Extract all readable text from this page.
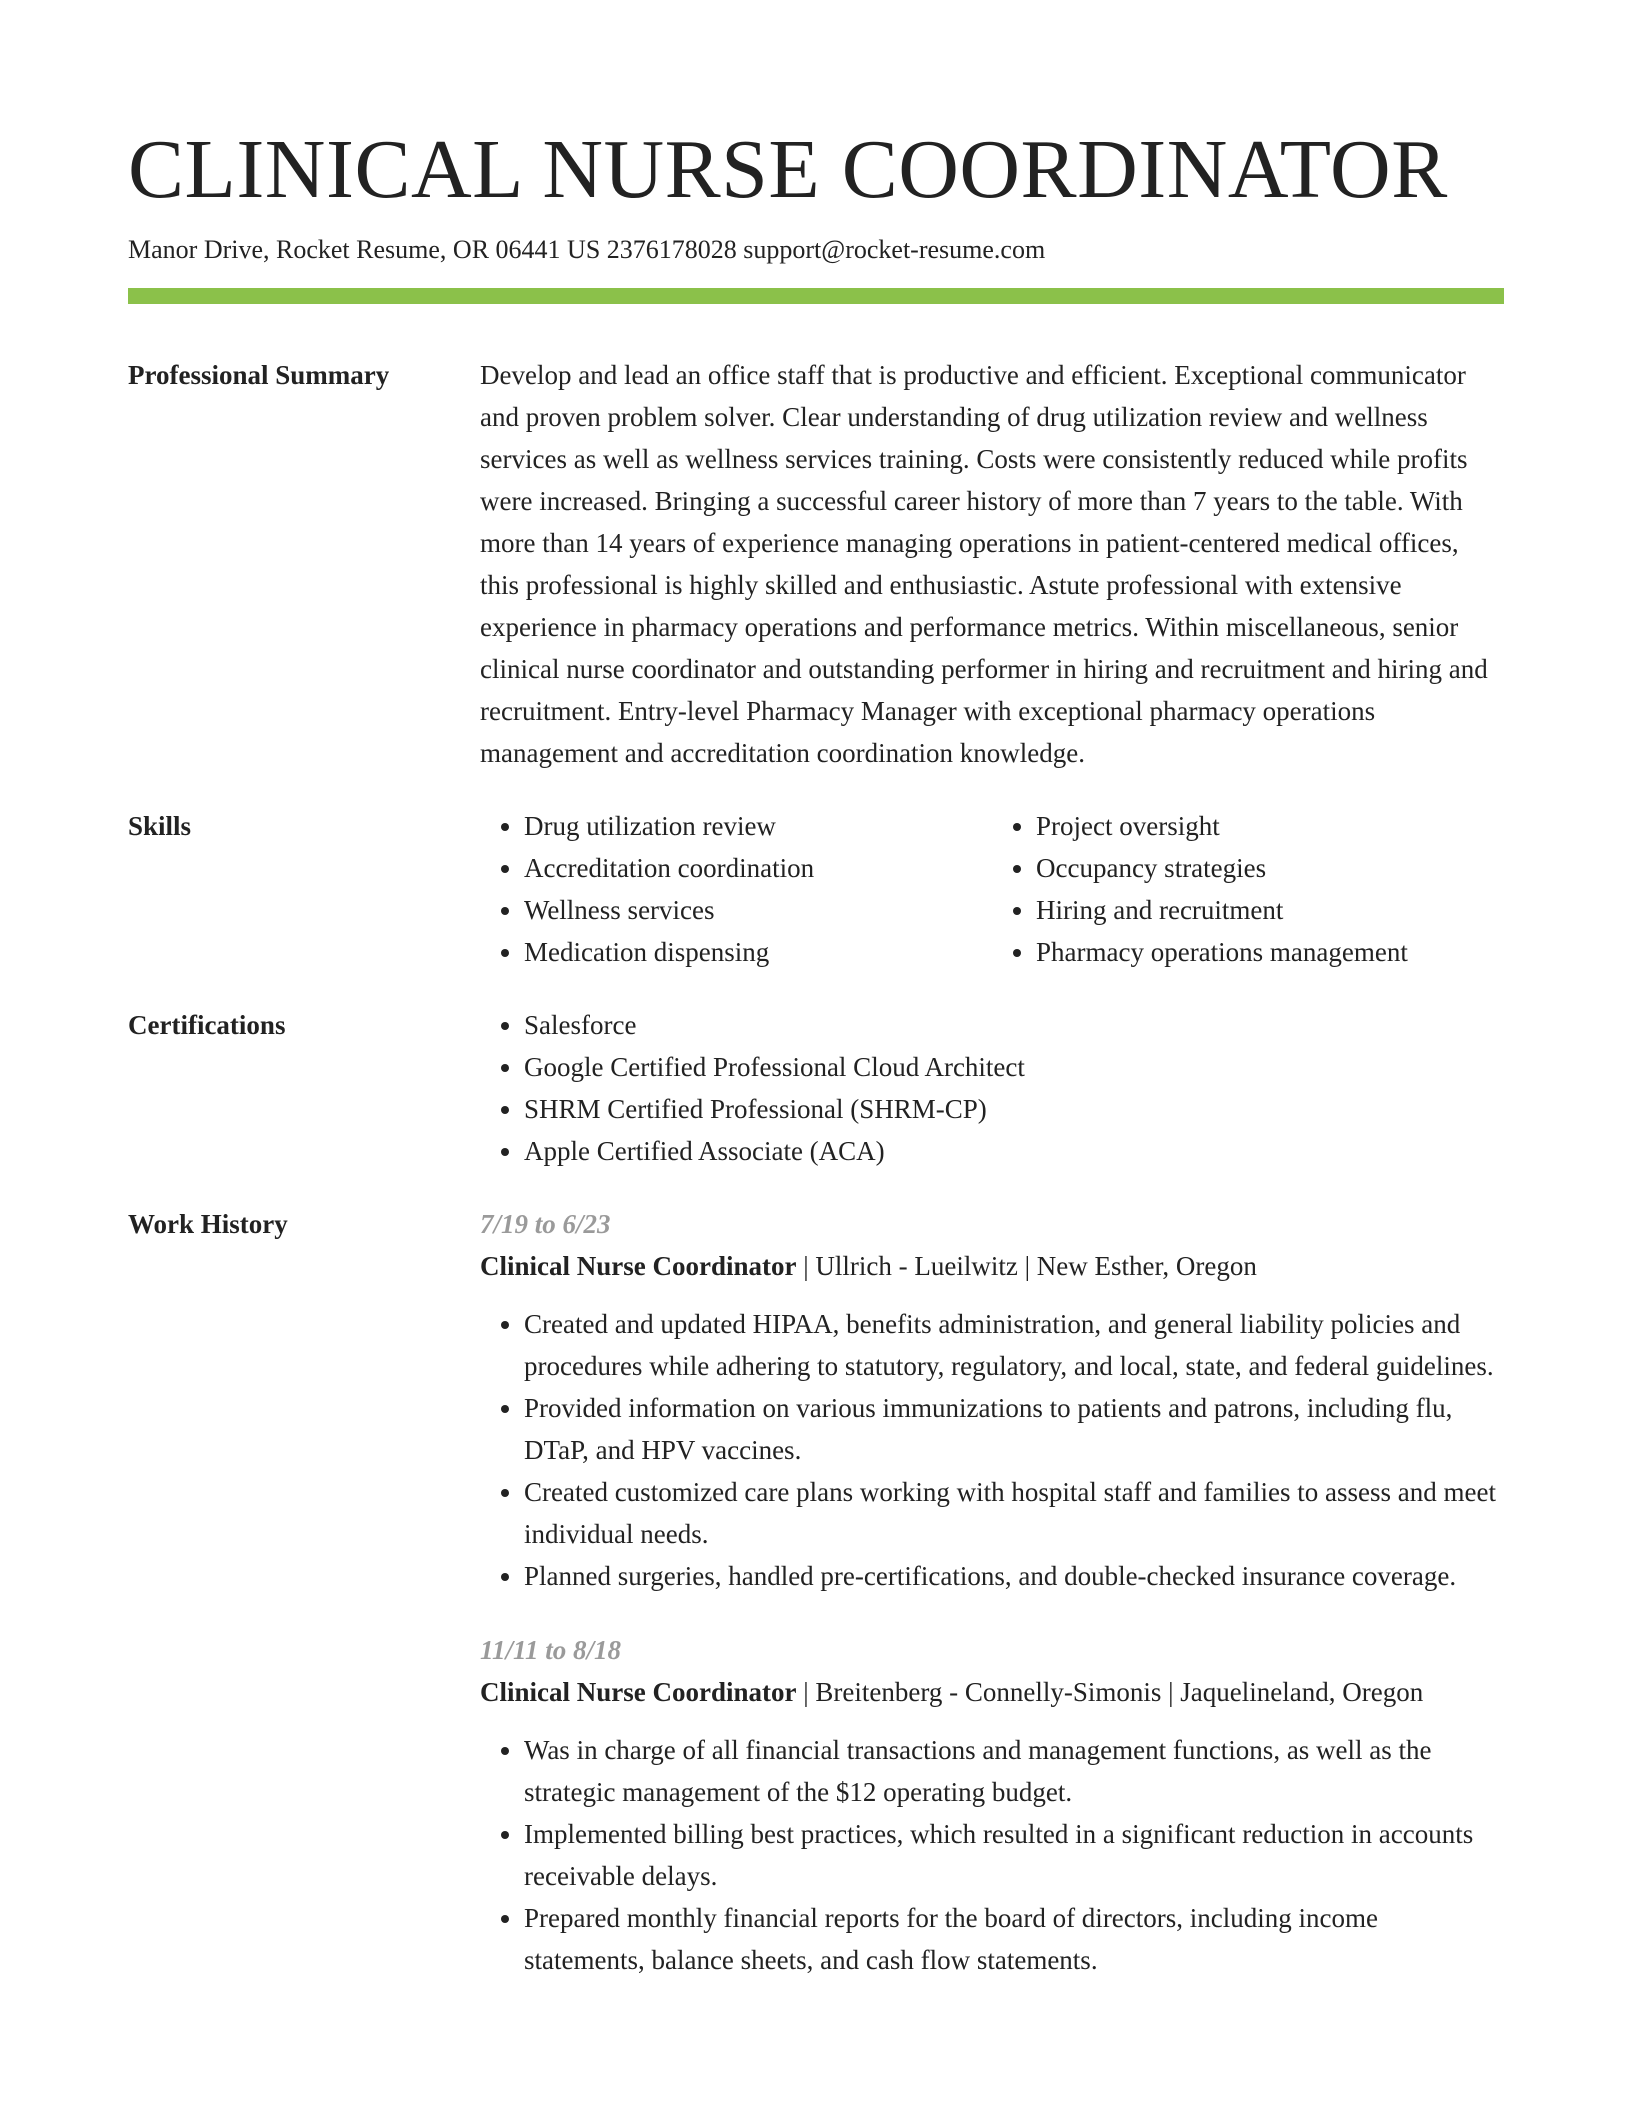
CLINICAL NURSE COORDINATOR
Manor Drive, Rocket Resume, OR 06441 US 2376178028 support@rocket-resume.com
Professional Summary	Develop and lead an office staff that is productive and efficient. Exceptional communicator and proven problem solver. Clear understanding of drug utilization review and wellness services as well as wellness services training. Costs were consistently reduced while profits were increased. Bringing a successful career history of more than 7 years to the table. With more than 14 years of experience managing operations in patient-centered medical offices, this professional is highly skilled and enthusiastic. Astute professional with extensive experience in pharmacy operations and performance metrics. Within miscellaneous, senior clinical nurse coordinator and outstanding performer in hiring and recruitment and hiring and recruitment. Entry-level Pharmacy Manager with exceptional pharmacy operations management and accreditation coordination knowledge.

Skills	• Drug utilization review
• Accreditation coordination
• Wellness services
• Medication dispensing
• Project oversight
• Occupancy strategies
• Hiring and recruitment
• Pharmacy operations management
Certifications	• Salesforce
• Google Certified Professional Cloud Architect
• SHRM Certified Professional (SHRM-CP)
• Apple Certified Associate (ACA)
Work History	7/19 to 6/23
Clinical Nurse Coordinator | Ullrich - Lueilwitz | New Esther, Oregon
• Created and updated HIPAA, benefits administration, and general liability policies and procedures while adhering to statutory, regulatory, and local, state, and federal guidelines.
• Provided information on various immunizations to patients and patrons, including flu, DTaP, and HPV vaccines.
• Created customized care plans working with hospital staff and families to assess and meet individual needs.
• Planned surgeries, handled pre-certifications, and double-checked insurance coverage.
11/11 to 8/18
Clinical Nurse Coordinator | Breitenberg - Connelly-Simonis | Jaquelineland, Oregon
• Was in charge of all financial transactions and management functions, as well as the strategic management of the $12 operating budget.
• Implemented billing best practices, which resulted in a significant reduction in accounts receivable delays.
• Prepared monthly financial reports for the board of directors, including income statements, balance sheets, and cash flow statements.
